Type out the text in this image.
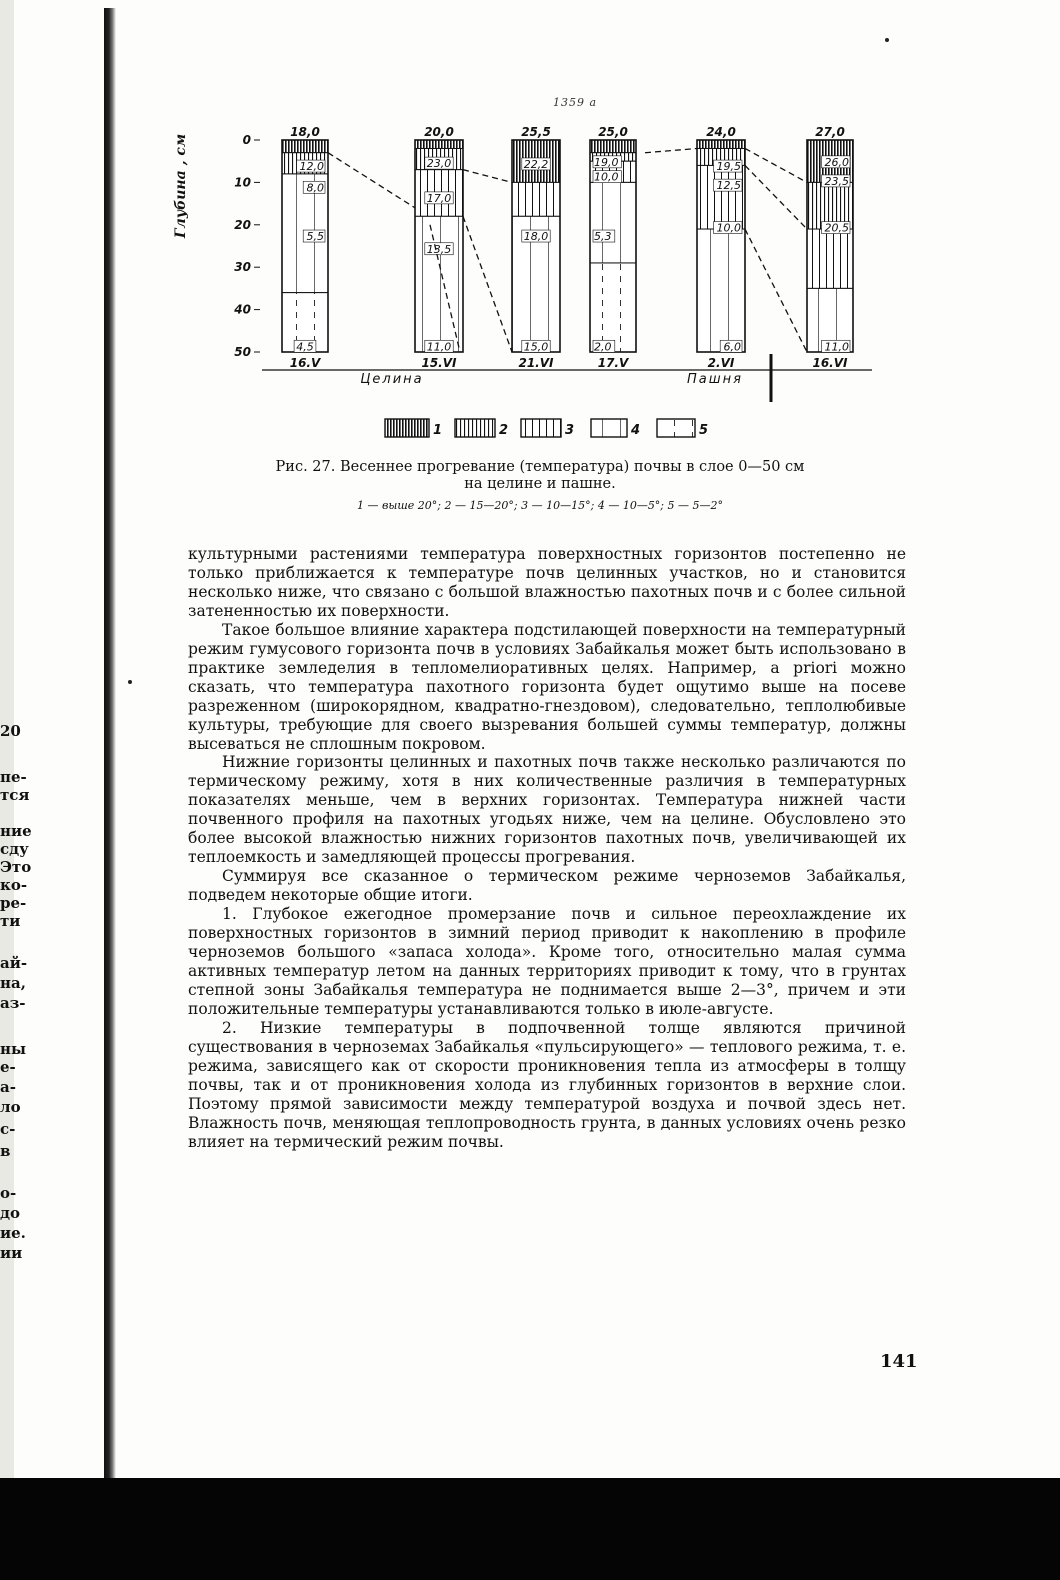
20
пе-
тся
ние
сду
Это
ко-
ре-
ти
ай-
на,
аз-
ны
е-
а-
ло
с-
в
о-
до
ие.
ии
1359 a
0
10
20
30
40
50
18,0
12,0
8,0
5,5
4,5
16.V
20,0
23,0
17,0
13,5
11,0
15.VI
25,5
22,2
18,0
15,0
21.VI
25,0
19,0
10,0
5,3
2,0
17.V
24,0
19,5
12,5
10,0
6,0
2.VI
27,0
26,0
23,5
20,5
11,0
16.VI
Целина	Пашня
1	2	3	4	5
Глубина , см
Рис. 27. Весеннее прогревание (температура) почвы в слое 0—50 см
на целине и пашне.
1 — выше 20°; 2 — 15—20°; 3 — 10—15°; 4 — 10—5°; 5 — 5—2°

культурными растениями температура поверхностных горизонтов постепенно не только приближается к температуре почв целинных участков, но и становится несколько ниже, что связано с большой влажностью пахотных почв и с более сильной затененностью их поверхности.

Такое большое влияние характера подстилающей поверхности на температурный режим гумусового горизонта почв в условиях Забайкалья может быть использовано в практике земледелия в тепломелиоративных целях. Например, a priori можно сказать, что температура пахотного горизонта будет ощутимо выше на посеве разреженном (широкорядном, квадратно-гнездовом), следовательно, теплолюбивые культуры, требующие для своего вызревания большей суммы температур, должны высеваться не сплошным покровом.

Нижние горизонты целинных и пахотных почв также несколько различаются по термическому режиму, хотя в них количественные различия в температурных показателях меньше, чем в верхних горизонтах. Температура нижней части почвенного профиля на пахотных угодьях ниже, чем на целине. Обусловлено это более высокой влажностью нижних горизонтов пахотных почв, увеличивающей их теплоемкость и замедляющей процессы прогревания.

Суммируя все сказанное о термическом режиме черноземов Забайкалья, подведем некоторые общие итоги.

1. Глубокое ежегодное промерзание почв и сильное переохлаждение их поверхностных горизонтов в зимний период приводит к накоплению в профиле черноземов большого «запаса холода». Кроме того, относительно малая сумма активных температур летом на данных территориях приводит к тому, что в грунтах степной зоны Забайкалья температура не поднимается выше 2—3°, причем и эти положительные температуры устанавливаются только в июле-августе.

2. Низкие температуры в подпочвенной толще являются причиной существования в черноземах Забайкалья «пульсирующего» — теплового режима, т. е. режима, зависящего как от скорости проникновения тепла из атмосферы в толщу почвы, так и от проникновения холода из глубинных горизонтов в верхние слои. Поэтому прямой зависимости между температурой воздуха и почвой здесь нет. Влажность почв, меняющая теплопроводность грунта, в данных условиях очень резко влияет на термический режим почвы.

141
